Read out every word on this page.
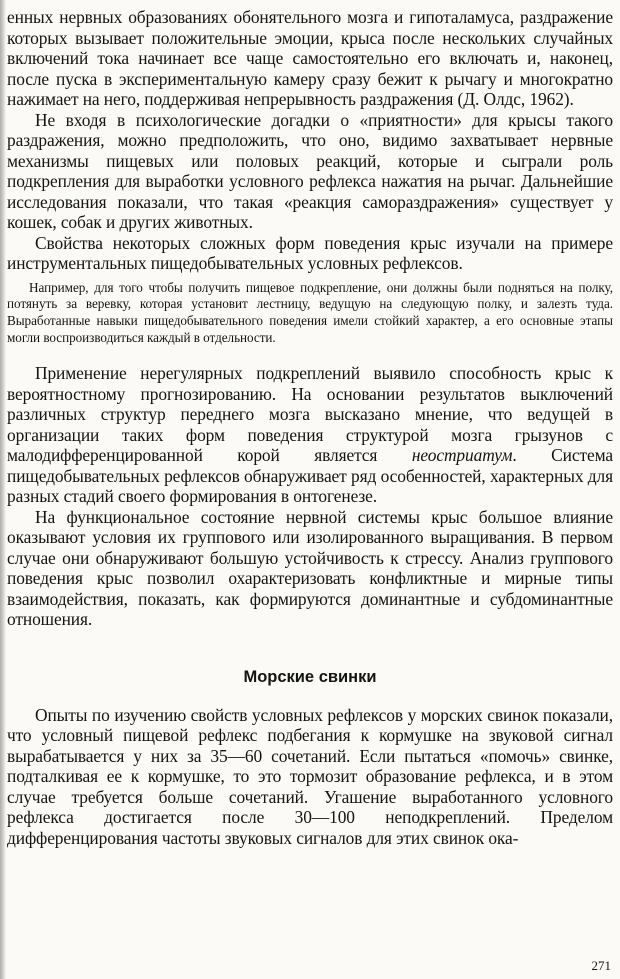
енных нервных образованиях обонятельного мозга и гипоталамуса, раздражение которых вызывает положительные эмоции, крыса после нескольких случайных включений тока начинает все чаще самостоятельно его включать и, наконец, после пуска в экспериментальную камеру сразу бежит к рычагу и многократно нажимает на него, поддерживая непрерывность раздражения (Д. Олдс, 1962).

Не входя в психологические догадки о «приятности» для крысы такого раздражения, можно предположить, что оно, видимо захватывает нервные механизмы пищевых или половых реакций, которые и сыграли роль подкрепления для выработки условного рефлекса нажатия на рычаг. Дальнейшие исследования показали, что такая «реакция самораздражения» существует у кошек, собак и других животных.

Свойства некоторых сложных форм поведения крыс изучали на примере инструментальных пищедобывательных условных рефлексов.

Например, для того чтобы получить пищевое подкрепление, они должны были подняться на полку, потянуть за веревку, которая установит лестницу, ведущую на следующую полку, и залезть туда. Выработанные навыки пищедобывательного поведения имели стойкий характер, а его основные этапы могли воспроизводиться каждый в отдельности.

Применение нерегулярных подкреплений выявило способность крыс к вероятностному прогнозированию. На основании результатов выключений различных структур переднего мозга высказано мнение, что ведущей в организации таких форм поведения структурой мозга грызунов с малодифференцированной корой является неостриатум. Система пищедобывательных рефлексов обнаруживает ряд особенностей, характерных для разных стадий своего формирования в онтогенезе.

На функциональное состояние нервной системы крыс большое влияние оказывают условия их группового или изолированного выращивания. В первом случае они обнаруживают большую устойчивость к стрессу. Анализ группового поведения крыс позволил охарактеризовать конфликтные и мирные типы взаимодействия, показать, как формируются доминантные и субдоминантные отношения.

Морские свинки

Опыты по изучению свойств условных рефлексов у морских свинок показали, что условный пищевой рефлекс подбегания к кормушке на звуковой сигнал вырабатывается у них за 35—60 сочетаний. Если пытаться «помочь» свинке, подталкивая ее к кормушке, то это тормозит образование рефлекса, и в этом случае требуется больше сочетаний. Угашение выработанного условного рефлекса достигается после 30—100 неподкреплений. Пределом дифференцирования частоты звуковых сигналов для этих свинок ока-

271
